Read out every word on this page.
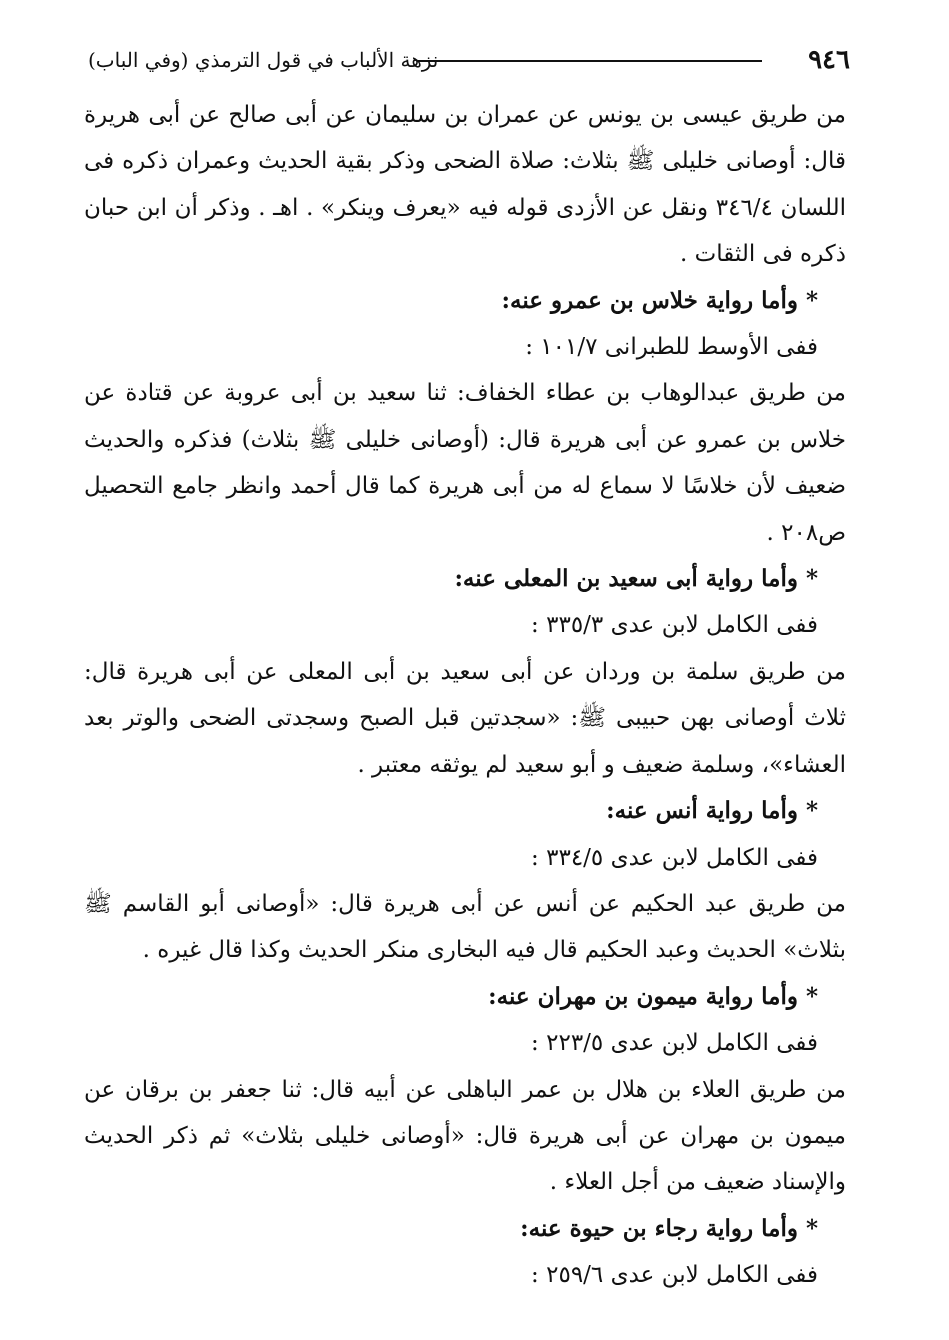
٩٤٦
نزهة الألباب في قول الترمذي (وفي الباب)

من طريق عيسى بن يونس عن عمران بن سليمان عن أبى صالح عن أبى هريرة قال: أوصانى خليلى ﷺ بثلاث: صلاة الضحى وذكر بقية الحديث وعمران ذكره فى اللسان ٣٤٦/٤ ونقل عن الأزدى قوله فيه «يعرف وينكر» . اهـ . وذكر أن ابن حبان ذكره فى الثقات .

* وأما رواية خلاس بن عمرو عنه:

ففى الأوسط للطبرانى ١٠١/٧ :

من طريق عبدالوهاب بن عطاء الخفاف: ثنا سعيد بن أبى عروبة عن قتادة عن خلاس بن عمرو عن أبى هريرة قال: (أوصانى خليلى ﷺ بثلاث) فذكره والحديث ضعيف لأن خلاسًا لا سماع له من أبى هريرة كما قال أحمد وانظر جامع التحصيل ص٢٠٨ .

* وأما رواية أبى سعيد بن المعلى عنه:

ففى الكامل لابن عدى ٣٣٥/٣ :

من طريق سلمة بن وردان عن أبى سعيد بن أبى المعلى عن أبى هريرة قال: ثلاث أوصانى بهن حبيبى ﷺ: «سجدتين قبل الصبح وسجدتى الضحى والوتر بعد العشاء»، وسلمة ضعيف و أبو سعيد لم يوثقه معتبر .

* وأما رواية أنس عنه:

ففى الكامل لابن عدى ٣٣٤/٥ :

من طريق عبد الحكيم عن أنس عن أبى هريرة قال: «أوصانى أبو القاسم ﷺ بثلاث» الحديث وعبد الحكيم قال فيه البخارى منكر الحديث وكذا قال غيره .

* وأما رواية ميمون بن مهران عنه:

ففى الكامل لابن عدى ٢٢٣/٥ :

من طريق العلاء بن هلال بن عمر الباهلى عن أبيه قال: ثنا جعفر بن برقان عن ميمون بن مهران عن أبى هريرة قال: «أوصانى خليلى بثلاث» ثم ذكر الحديث والإسناد ضعيف من أجل العلاء .

* وأما رواية رجاء بن حيوة عنه:

ففى الكامل لابن عدى ٢٥٩/٦ :
